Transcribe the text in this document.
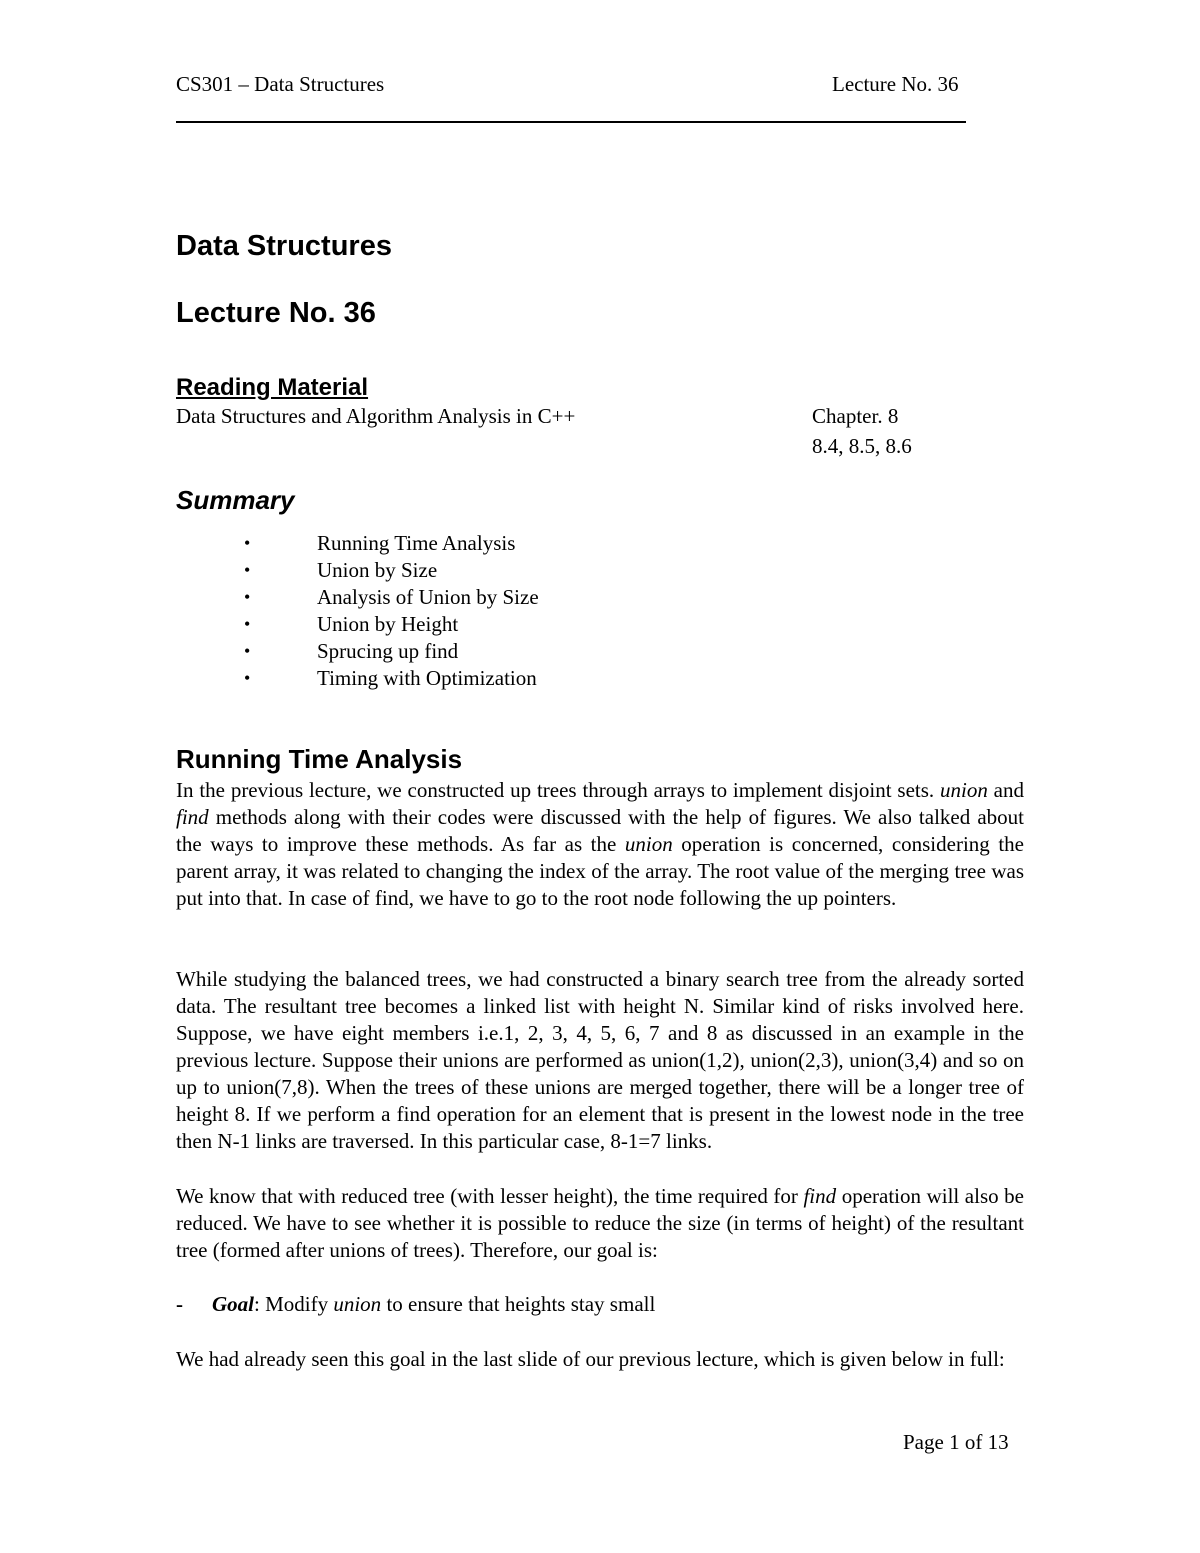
CS301 – Data Structures	Lecture No. 36
Data Structures
Lecture No. 36
Reading Material
Data Structures and Algorithm Analysis in C++	Chapter. 8
8.4, 8.5, 8.6
Summary
•	Running Time Analysis
•	Union by Size
•	Analysis of Union by Size
•	Union by Height
•	Sprucing up find
•	Timing with Optimization
Running Time Analysis

In the previous lecture, we constructed up trees through arrays to implement disjoint sets. union and find methods along with their codes were discussed with the help of figures. We also talked about the ways to improve these methods. As far as the union operation is concerned, considering the parent array, it was related to changing the index of the array. The root value of the merging tree was put into that. In case of find, we have to go to the root node following the up pointers.

While studying the balanced trees, we had constructed a binary search tree from the already sorted data. The resultant tree becomes a linked list with height N. Similar kind of risks involved here. Suppose, we have eight members i.e.1, 2, 3, 4, 5, 6, 7 and 8 as discussed in an example in the previous lecture. Suppose their unions are performed as union(1,2), union(2,3), union(3,4) and so on up to union(7,8). When the trees of these unions are merged together, there will be a longer tree of height 8. If we perform a find operation for an element that is present in the lowest node in the tree then N-1 links are traversed. In this particular case, 8-1=7 links.

We know that with reduced tree (with lesser height), the time required for find operation will also be reduced. We have to see whether it is possible to reduce the size (in terms of height) of the resultant tree (formed after unions of trees). Therefore, our goal is:

- Goal: Modify union to ensure that heights stay small

We had already seen this goal in the last slide of our previous lecture, which is given below in full:

Page 1 of 13
